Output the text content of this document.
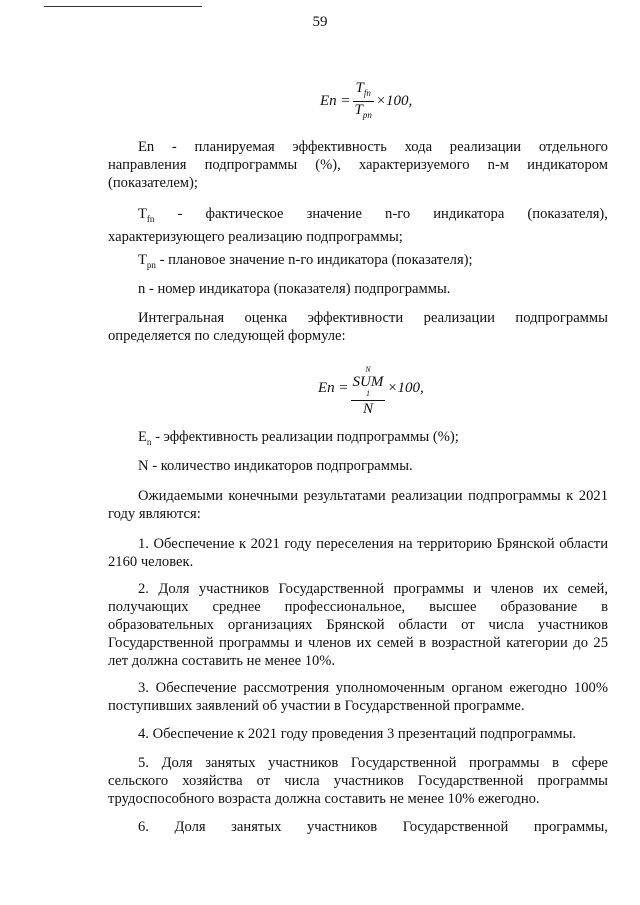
59
$En = \frac{T_{fn}}{T_{pn}} \times 100$,
En - планируемая эффективность хода реализации отдельного
направления подпрограммы (%), характеризуемого n-м индикатором (показателем);
$T_{fn}$ - фактическое значение n-го индикатора (показателя),
характеризующего реализацию подпрограммы;
$T_{pn}$ - плановое значение n-го индикатора (показателя);
n - номер индикатора (показателя) подпрограммы.
Интегральная оценка эффективности реализации подпрограммы
определяется по следующей формуле:
En = N
SUM
1
N ×100,
$E_n$ - эффективность реализации подпрограммы (%);
N - количество индикаторов подпрограммы.
Ожидаемыми конечными результатами реализации подпрограммы к 2021 году являются:
1. Обеспечение к 2021 году переселения на территорию Брянской области 2160 человек.
2. Доля участников Государственной программы и членов их семей, получающих среднее профессиональное, высшее образование в образовательных организациях Брянской области от числа участников Государственной программы и членов их семей в возрастной категории до 25 лет должна составить не менее 10%.
3. Обеспечение рассмотрения уполномоченным органом ежегодно 100% поступивших заявлений об участии в Государственной программе.
4. Обеспечение к 2021 году проведения 3 презентаций подпрограммы.
5. Доля занятых участников Государственной программы в сфере сельского хозяйства от числа участников Государственной программы трудоспособного возраста должна составить не менее 10% ежегодно.
6. Доля занятых участников Государственной программы,
